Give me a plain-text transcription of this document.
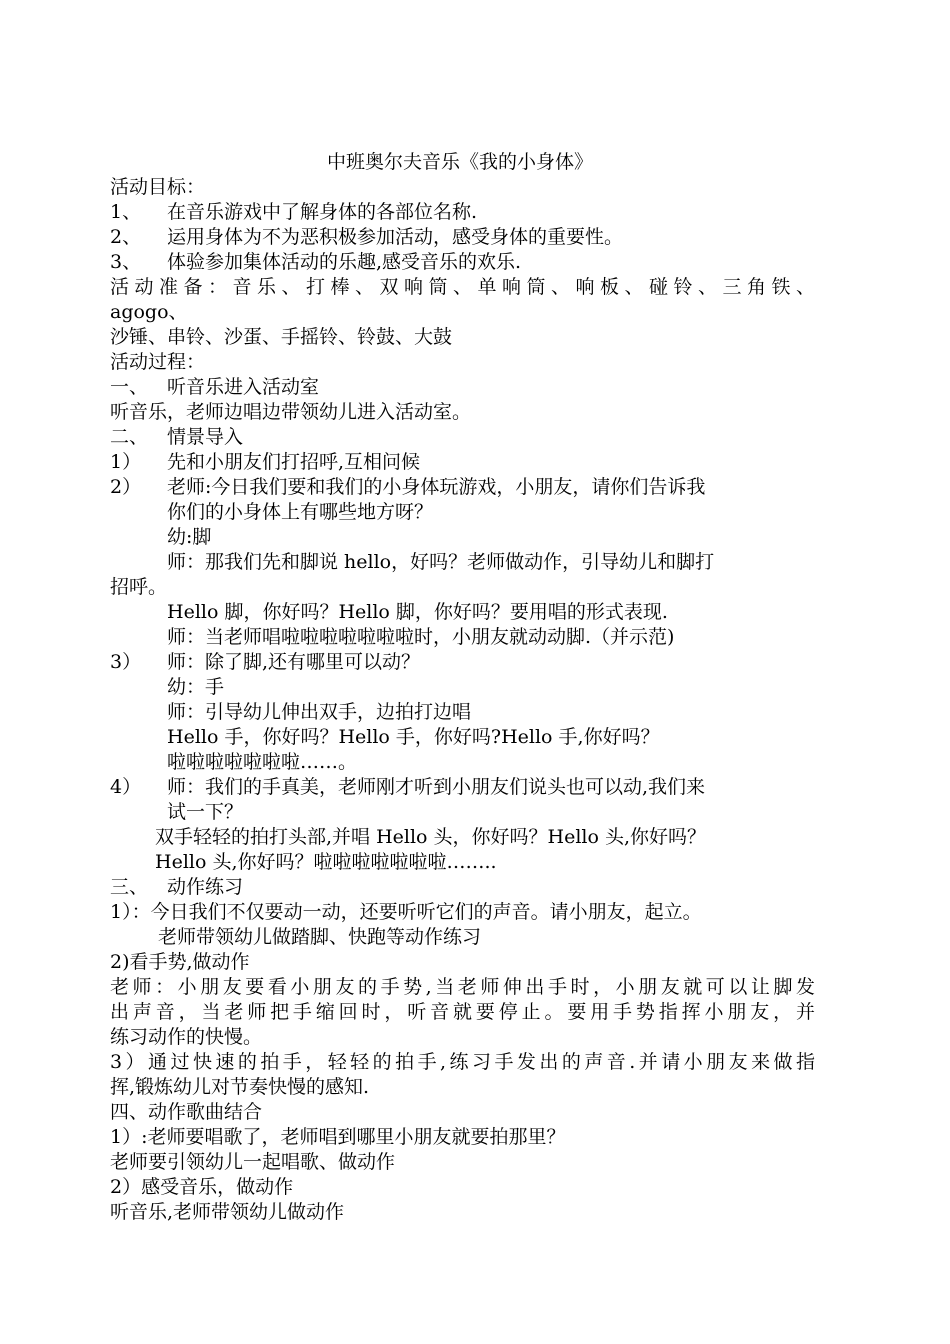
中班奥尔夫音乐《我的小身体》
活动目标：
1、 在音乐游戏中了解身体的各部位名称.
2、 运用身体为不为恶积极参加活动，感受身体的重要性。
3、 体验参加集体活动的乐趣,感受音乐的欢乐.
活动准备：音乐、打棒、双响筒、单响筒、响板、碰铃、三角铁、
agogo、
沙锤、串铃、沙蛋、手摇铃、铃鼓、大鼓
活动过程：
一、 听音乐进入活动室
听音乐，老师边唱边带领幼儿进入活动室。
二、 情景导入
1） 先和小朋友们打招呼,互相问候
2） 老师:今日我们要和我们的小身体玩游戏，小朋友，请你们告诉我
你们的小身体上有哪些地方呀？
幼:脚
师：那我们先和脚说 hello，好吗？老师做动作，引导幼儿和脚打
招呼。
Hello 脚，你好吗？Hello 脚，你好吗？要用唱的形式表现.
师：当老师唱啦啦啦啦啦啦啦时，小朋友就动动脚.（并示范)
3） 师：除了脚,还有哪里可以动？
幼：手
师：引导幼儿伸出双手，边拍打边唱
Hello 手，你好吗？Hello 手，你好吗?Hello 手,你好吗？
啦啦啦啦啦啦啦……。
4） 师：我们的手真美，老师刚才听到小朋友们说头也可以动,我们来
试一下？
双手轻轻的拍打头部,并唱 Hello 头，你好吗？Hello 头,你好吗？
Hello 头,你好吗？啦啦啦啦啦啦啦……..
三、 动作练习
1）：今日我们不仅要动一动，还要听听它们的声音。请小朋友，起立。
老师带领幼儿做踏脚、快跑等动作练习
2)看手势,做动作
老师：小朋友要看小朋友的手势,当老师伸出手时，小朋友就可以让脚发
出声音，当老师把手缩回时，听音就要停止。要用手势指挥小朋友，并
练习动作的快慢。
3）通过快速的拍手，轻轻的拍手,练习手发出的声音.并请小朋友来做指
挥,锻炼幼儿对节奏快慢的感知.
四、动作歌曲结合
1）:老师要唱歌了，老师唱到哪里小朋友就要拍那里？
老师要引领幼儿一起唱歌、做动作
2）感受音乐，做动作
听音乐,老师带领幼儿做动作
